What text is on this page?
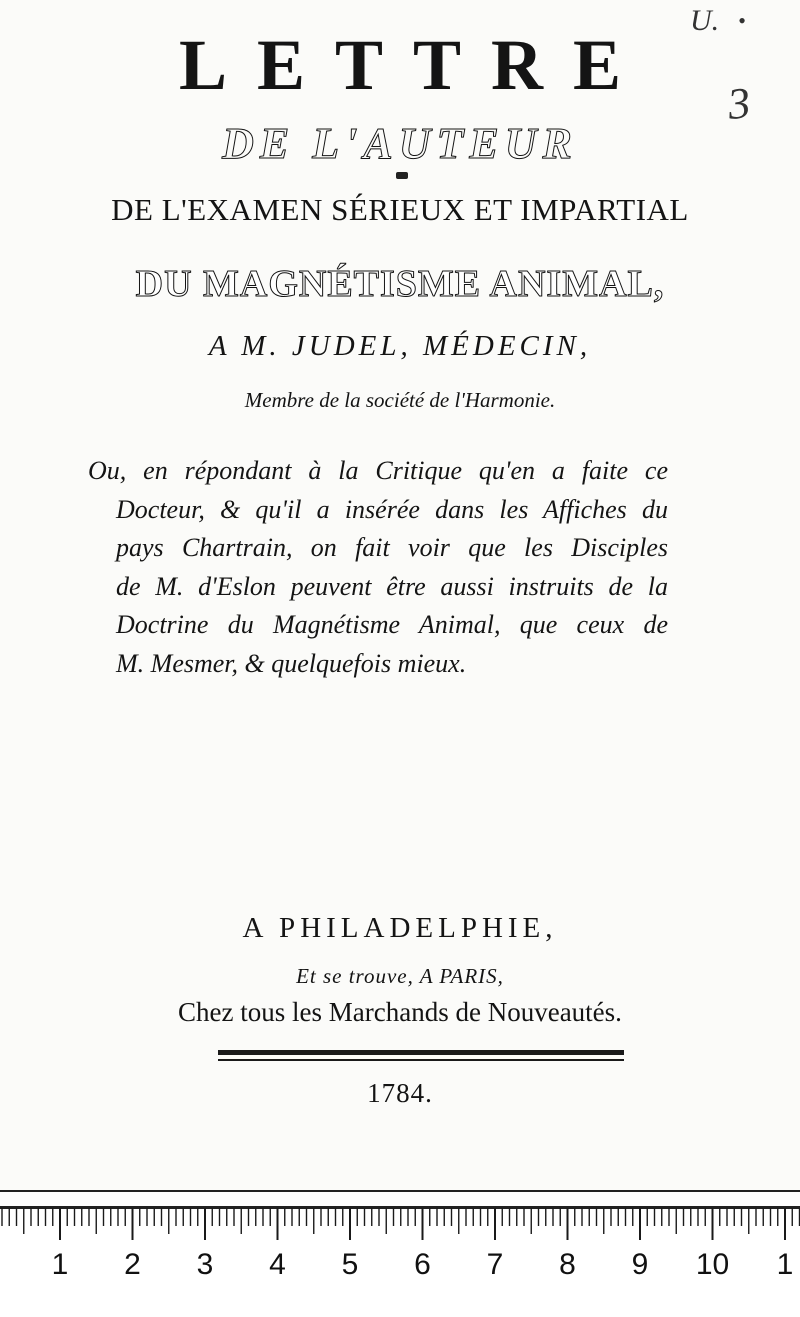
U. •
3
LETTRE
DE L'AUTEUR
DE L'EXAMEN SÉRIEUX ET IMPARTIAL
DU MAGNÉTISME ANIMAL,
A M. JUDEL, MÉDECIN,
Membre de la société de l'Harmonie.
Ou, en répondant à la Critique qu'en a faite ce
Docteur, & qu'il a insérée dans les Affiches du
pays Chartrain, on fait voir que les Disciples
de M. d'Eslon peuvent être aussi instruits de la
Doctrine du Magnétisme Animal, que ceux de
M. Mesmer, & quelquefois mieux.
A PHILADELPHIE,
Et se trouve, A PARIS,
Chez tous les Marchands de Nouveautés.
1784.
1 2 3 4 5 6 7 8 9 10 1
